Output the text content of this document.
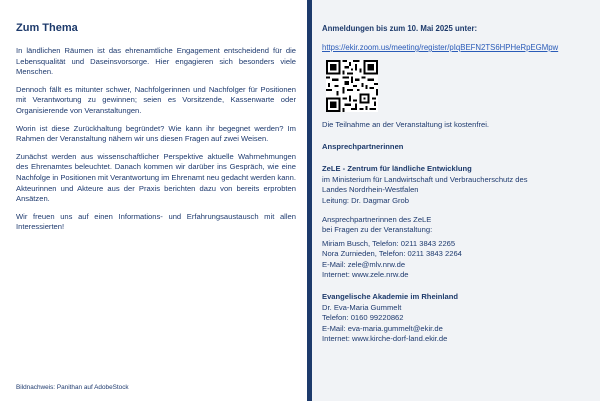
Zum Thema

In ländlichen Räumen ist das ehrenamtliche Engagement entscheidend für die Lebensqualität und Daseinsvorsorge. Hier engagieren sich besonders viele Menschen.

Dennoch fällt es mitunter schwer, Nachfolgerinnen und Nachfolger für Positionen mit Verantwortung zu gewinnen; seien es Vorsitzende, Kassenwarte oder Organisierende von Veranstaltungen.

Worin ist diese Zurückhaltung begründet? Wie kann ihr begegnet werden? Im Rahmen der Veranstaltung nähern wir uns diesen Fragen auf zwei Weisen.

Zunächst werden aus wissenschaftlicher Perspektive aktuelle Wahrnehmungen des Ehrenamtes beleuchtet. Danach kommen wir darüber ins Gespräch, wie eine Nachfolge in Positionen mit Verantwortung im Ehrenamt neu gedacht werden kann. Akteurinnen und Akteure aus der Praxis berichten dazu von bereits erprobten Ansätzen.

Wir freuen uns auf einen Informations- und Erfahrungsaustausch mit allen Interessierten!

Bildnachweis: Panithan auf AdobeStock
Anmeldungen bis zum 10. Mai 2025 unter:
https://ekir.zoom.us/meeting/register/pIqBEFN2TS6HPHeRpEGMpw

Die Teilnahme an der Veranstaltung ist kostenfrei.

Ansprechpartnerinnen

ZeLE - Zentrum für ländliche Entwicklung

im Ministerium für Landwirtschaft und Verbraucherschutz des

Landes Nordrhein-Westfalen

Leitung: Dr. Dagmar Grob

Ansprechpartnerinnen des ZeLE

bei Fragen zu der Veranstaltung:

Miriam Busch, Telefon: 0211 3843 2265

Nora Zurnieden, Telefon: 0211 3843 2264

E-Mail: zele@mlv.nrw.de

Internet: www.zele.nrw.de

Evangelische Akademie im Rheinland

Dr. Eva-Maria Gummelt

Telefon: 0160 99220862

E-Mail: eva-maria.gummelt@ekir.de

Internet: www.kirche-dorf-land.ekir.de
